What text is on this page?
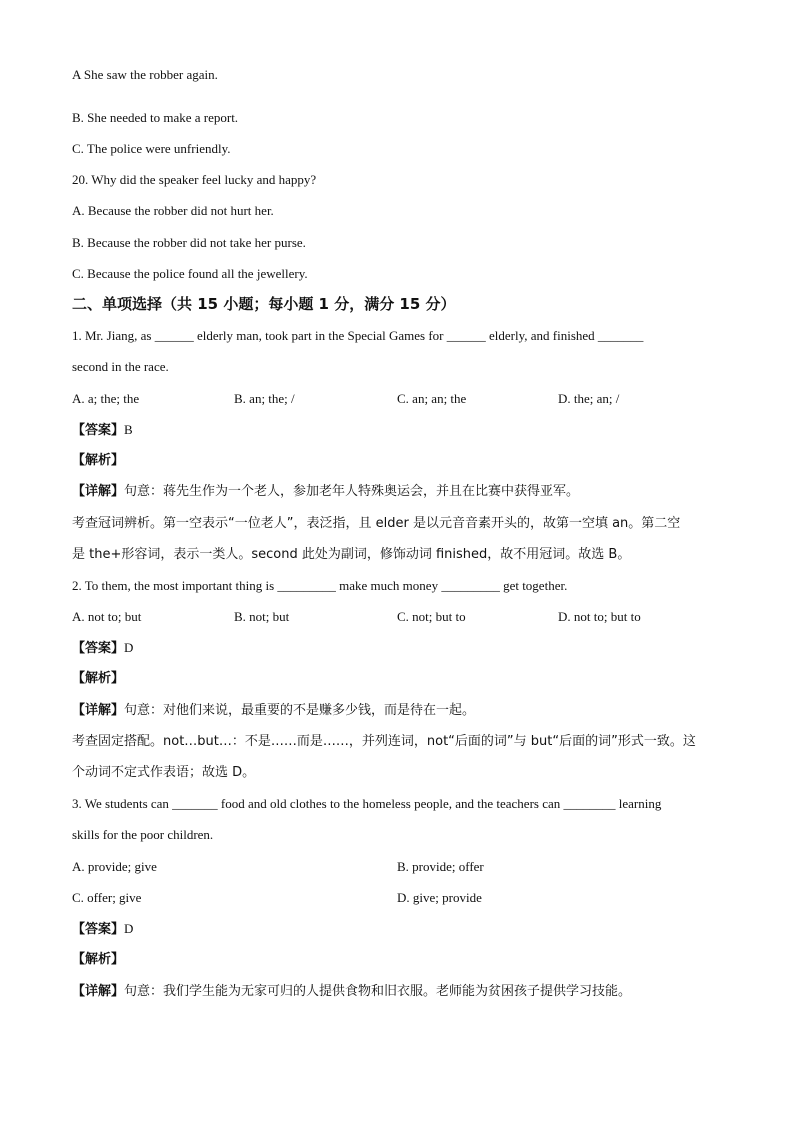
A She saw the robber again.
B. She needed to make a report.
C. The police were unfriendly.
20. Why did the speaker feel lucky and happy?
A. Because the robber did not hurt her.
B. Because the robber did not take her purse.
C. Because the police found all the jewellery.
二、单项选择（共 15 小题；每小题 1 分，满分 15 分）
1. Mr. Jiang, as ______ elderly man, took part in the Special Games for ______ elderly, and finished _______
second in the race.
A. a; the; the	B. an; the; /	C. an; an; the	D. the; an; /
【答案】B
【解析】
【详解】句意：蒋先生作为一个老人，参加老年人特殊奥运会，并且在比赛中获得亚军。
考查冠词辨析。第一空表示“一位老人”，表泛指，且 elder 是以元音音素开头的，故第一空填 an。第二空
是 the+形容词，表示一类人。second 此处为副词，修饰动词 finished，故不用冠词。故选 B。
2. To them, the most important thing is _________ make much money _________ get together.
A. not to; but	B. not; but	C. not; but to	D. not to; but to
【答案】D
【解析】
【详解】句意：对他们来说，最重要的不是赚多少钱，而是待在一起。
考查固定搭配。not…but…：不是……而是……，并列连词，not“后面的词”与 but“后面的词”形式一致。这
个动词不定式作表语；故选 D。
3. We students can _______ food and old clothes to the homeless people, and the teachers can ________ learning
skills for the poor children.
A. provide; give	B. provide; offer
C. offer; give	D. give; provide
【答案】D
【解析】
【详解】句意：我们学生能为无家可归的人提供食物和旧衣服。老师能为贫困孩子提供学习技能。
